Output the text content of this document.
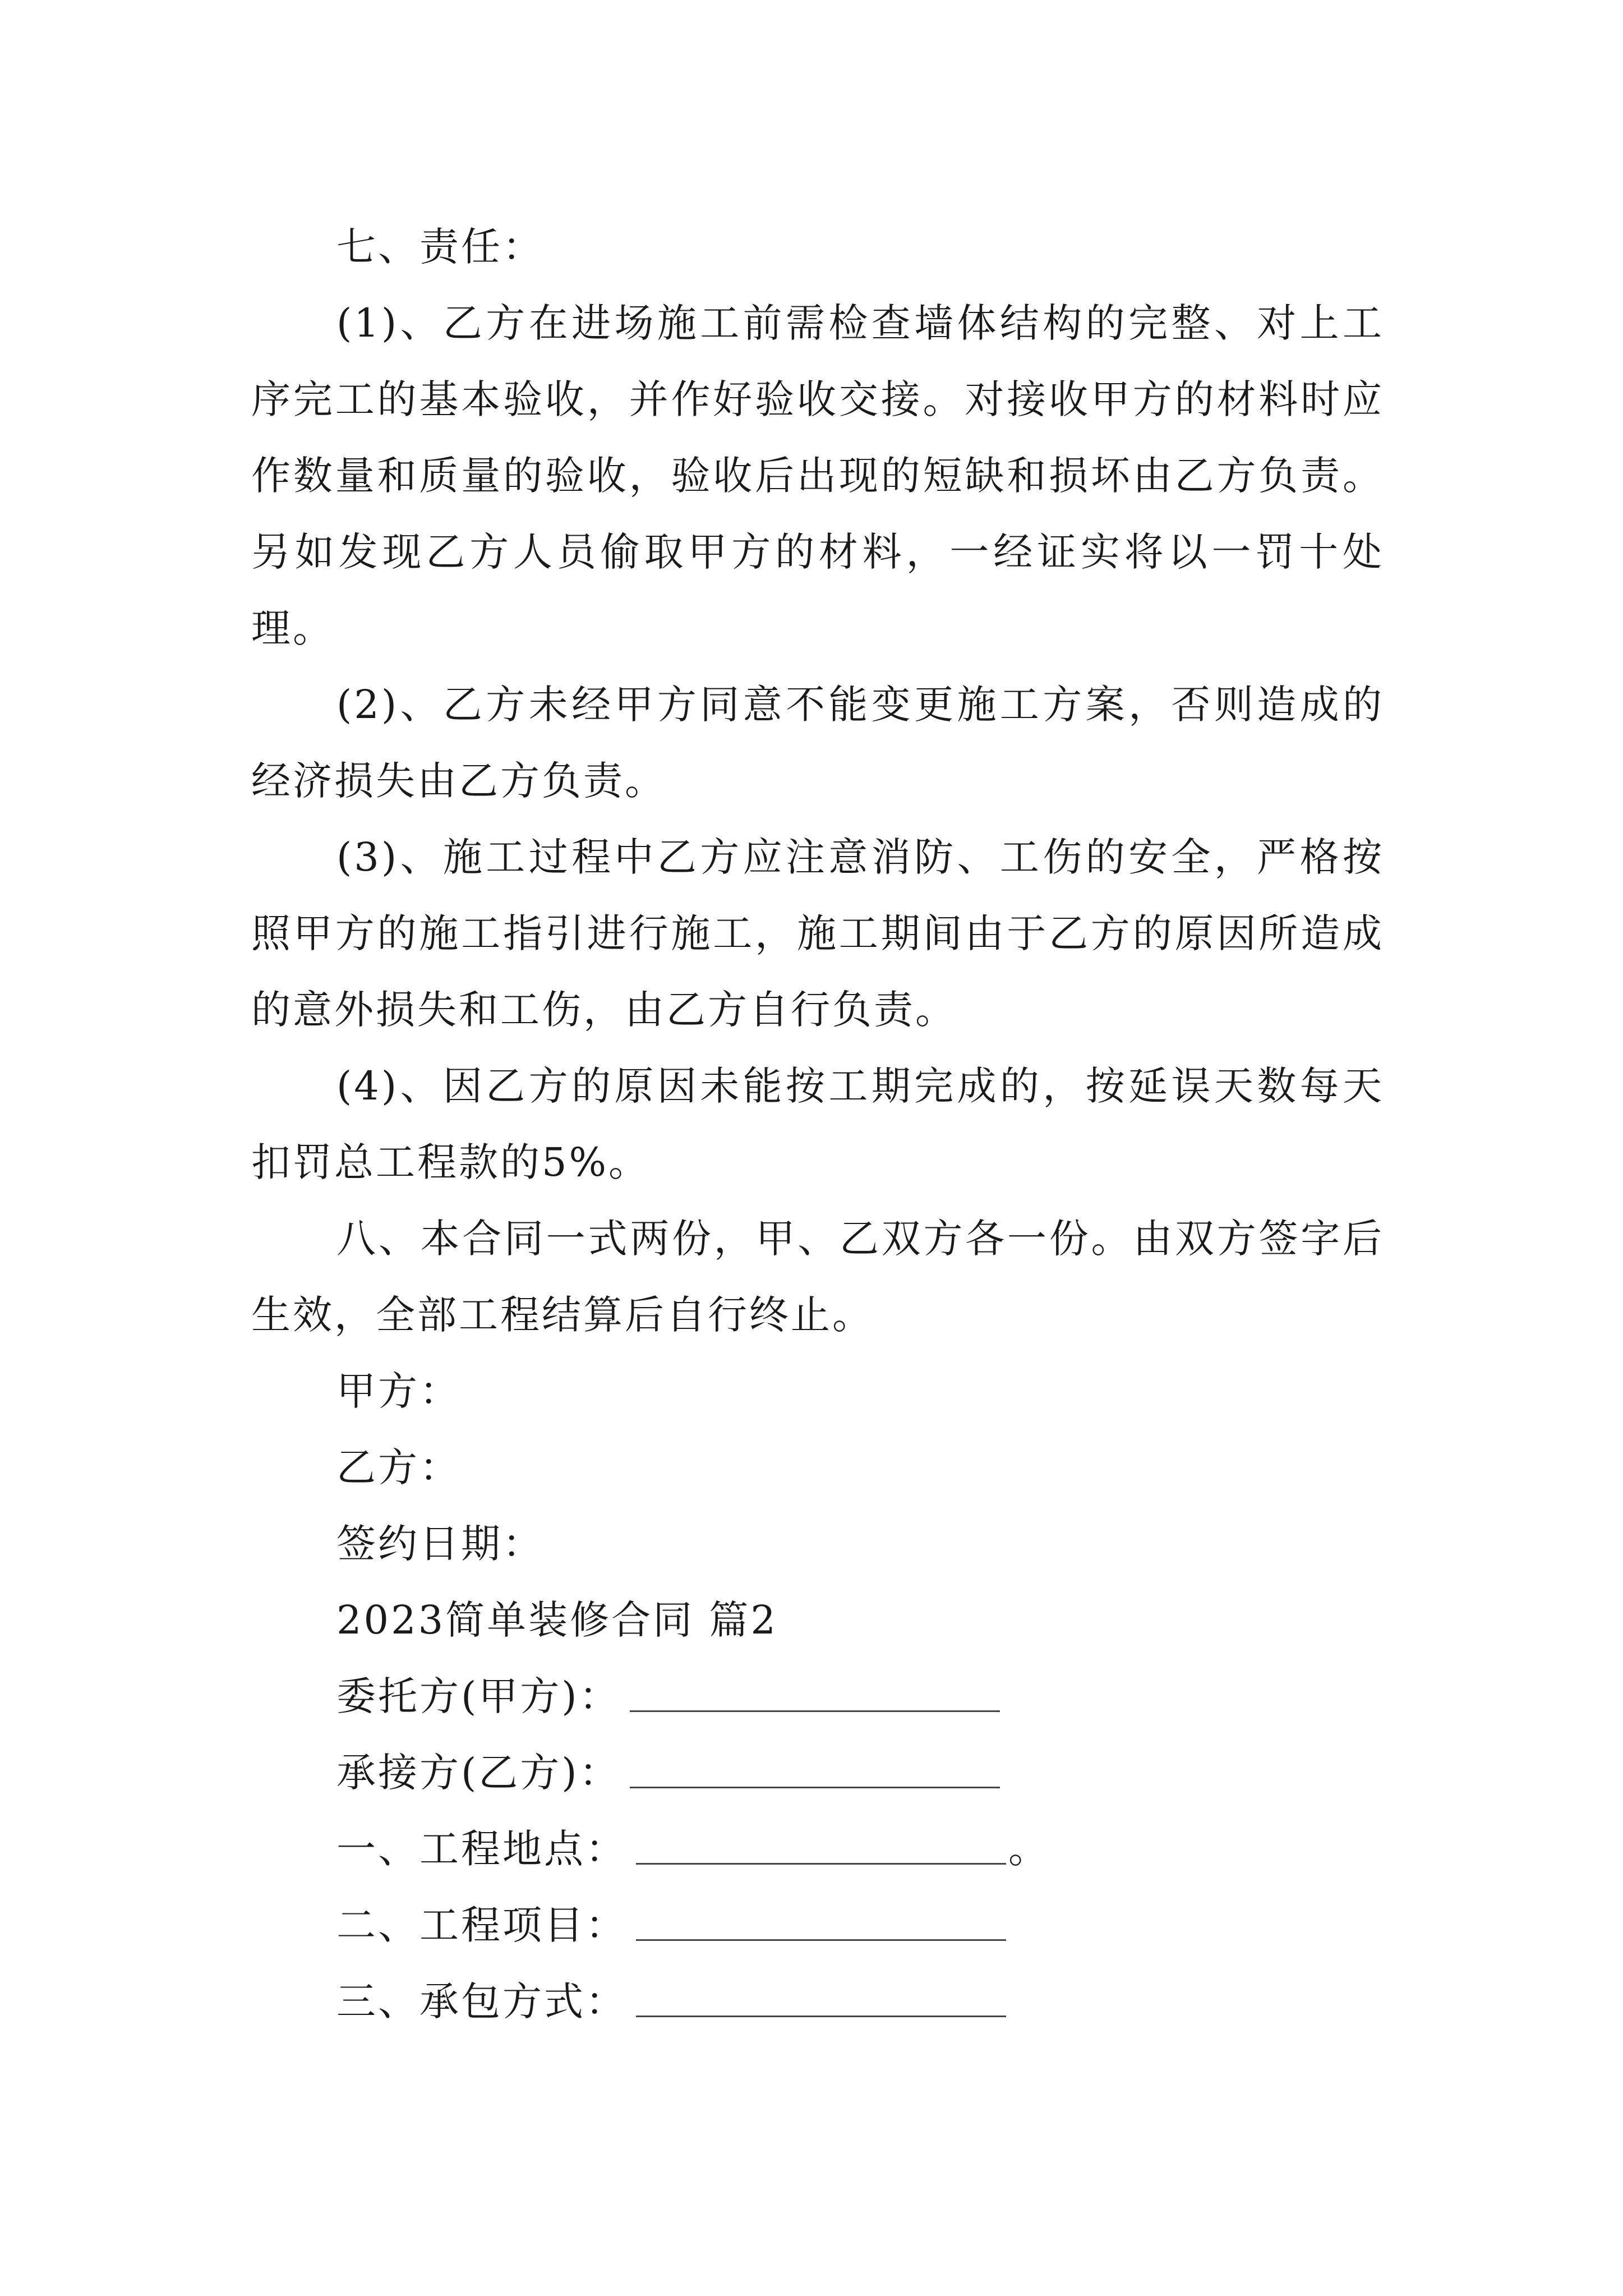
七、责任：

(1)、乙方在进场施工前需检查墙体结构的完整、对上工序完工的基本验收，并作好验收交接。对接收甲方的材料时应作数量和质量的验收，验收后出现的短缺和损坏由乙方负责。另如发现乙方人员偷取甲方的材料，一经证实将以一罚十处理。

(2)、乙方未经甲方同意不能变更施工方案，否则造成的经济损失由乙方负责。

(3)、施工过程中乙方应注意消防、工伤的安全，严格按照甲方的施工指引进行施工，施工期间由于乙方的原因所造成的意外损失和工伤，由乙方自行负责。

(4)、因乙方的原因未能按工期完成的，按延误天数每天扣罚总工程款的5%。

八、本合同一式两份，甲、乙双方各一份。由双方签字后生效，全部工程结算后自行终止。

甲方：

乙方：

签约日期：

2023简单装修合同 篇2

委托方(甲方)：
承接方(乙方)：
一、工程地点：	。
二、工程项目：
三、承包方式：
